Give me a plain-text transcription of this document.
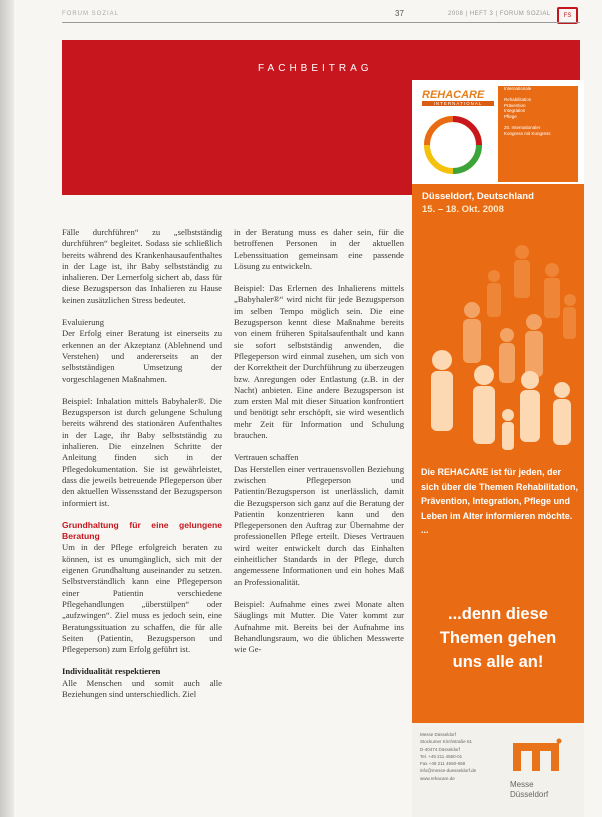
FORUM SOZIAL	37	2008 | HEFT 3 | FORUM SOZIAL	FS
FACHBEITRAG

Fälle durchführen“ zu „selbstständig durchführen“ begleitet. Sodass sie schließlich bereits während des Krankenhausaufenthaltes in der Lage ist, ihr Baby selbstständig zu inhalieren. Der Lernerfolg sichert ab, dass für diese Bezugsperson das Inhalieren zu Hause keinen zusätzlichen Stress bedeutet.

Evaluierung

Der Erfolg einer Beratung ist einerseits zu erkennen an der Akzeptanz (Ablehnend und Verstehen) und andererseits an der selbstständigen Umsetzung der vorgeschlagenen Maßnahmen.

Beispiel: Inhalation mittels Babyhaler®. Die Bezugsperson ist durch gelungene Schulung bereits während des stationären Aufenthaltes in der Lage, ihr Baby selbstständig zu inhalieren. Die einzelnen Schritte der Anleitung finden sich in der Pflegedokumentation. Sie ist gewährleistet, dass die jeweils betreuende Pflegeperson über den aktuellen Wissensstand der Bezugsperson informiert ist.

Grundhaltung für eine gelungene Beratung

Um in der Pflege erfolgreich beraten zu können, ist es unumgänglich, sich mit der eigenen Grundhaltung auseinander zu setzen. Selbstverständlich kann eine Pflegeperson einer Patientin verschiedene Pflegehandlungen „überstülpen“ oder „aufzwingen“. Ziel muss es jedoch sein, eine Beratungssituation zu schaffen, die für alle Seiten (Patientin, Bezugsperson und Pflegeperson) zum Erfolg geführt ist.

Individualität respektieren

Alle Menschen und somit auch alle Beziehungen sind unterschiedlich. Ziel

in der Beratung muss es daher sein, für die betroffenen Personen in der aktuellen Lebenssituation gemeinsam eine passende Lösung zu entwickeln.

Beispiel: Das Erlernen des Inhalierens mittels „Babyhaler®“ wird nicht für jede Bezugsperson im selben Tempo möglich sein. Die eine Bezugsperson kennt diese Maßnahme bereits von einem früheren Spitalsaufenthalt und kann sie sofort selbstständig anwenden, die Pflegeperson wird einmal zusehen, um sich von der Korrektheit der Durchführung zu überzeugen bzw. Anregungen oder Entlastung (z.B. in der Nacht) anbieten. Eine andere Bezugsperson ist zum ersten Mal mit dieser Situation konfrontiert und benötigt sehr erschöpft, sie wird wesentlich mehr Zeit für Information und Schulung brauchen.

Vertrauen schaffen

Das Herstellen einer vertrauensvollen Beziehung zwischen Pflegeperson und Patientin/Bezugsperson ist unerlässlich, damit die Bezugsperson sich ganz auf die Beratung der Patientin konzentrieren kann und den Pflegepersonen den Auftrag zur Übernahme der professionellen Pflege erteilt. Dieses Vertrauen wird weiter entwickelt durch das Einhalten einheitlicher Standards in der Pflege, durch angemessene Informationen und ein hohes Maß an Professionalität.

Beispiel: Aufnahme eines zwei Monate alten Säuglings mit Mutter. Die Vater kommt zur Aufnahme mit. Bereits bei der Aufnahme ins Behandlungsraum, wo die üblichen Messwerte wie Ge-

REHACARE
INTERNATIONAL
Internationale

Rehabilitation
Prävention
Integration
Pflege

20. Internationaler
Kongress mit Kongress
Düsseldorf, Deutschland
15. – 18. Okt. 2008
Die REHACARE ist für jeden, der sich über die Themen Rehabilitation, Prävention, Integration, Pflege und Leben im Alter informieren möchte. ...
...denn diese
Themen gehen
uns alle an!
Messe Düsseldorf
Stockumer Kirchstraße 61
D-40474 Düsseldorf
Tel. +49 211 4560-01
Fax +49 211 4560-668
info@messe-duesseldorf.de
www.rehacare.de
Messe
Düsseldorf
